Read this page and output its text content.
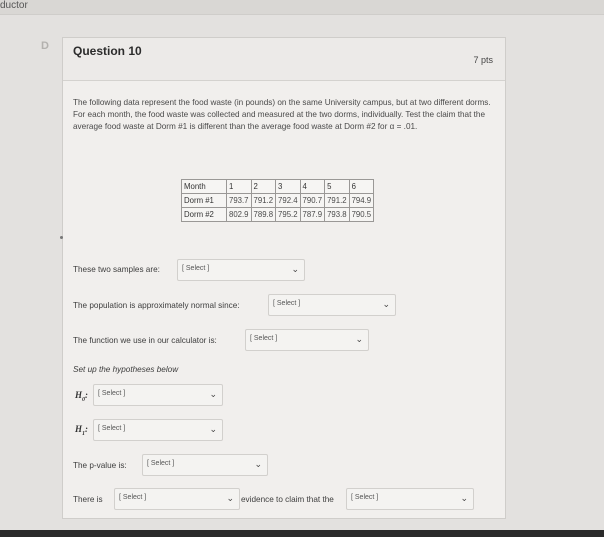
ductor
D	Question 10
7 pts
The following data represent the food waste (in pounds) on the same University campus, but at two different dorms. For each month, the food waste was collected and measured at the two dorms, individually. Test the claim that the average food waste at Dorm #1 is different than the average food waste at Dorm #2 for α = .01.
Month	1	2	3	4	5	6
Dorm #1	793.7	791.2	792.4	790.7	791.2	794.9
Dorm #2	802.9	789.8	795.2	787.9	793.8	790.5
These two samples are:	[ Select ]	⌄
The population is approximately normal since:	[ Select ]	⌄
The function we use in our calculator is:	[ Select ]	⌄
Set up the hypotheses below
$H_0$: [ Select ]	⌄
$H_1$: [ Select ]	⌄
The p-value is:	[ Select ]	⌄
There is [ Select ]	⌄ evidence to claim that the [ Select ]	⌄
